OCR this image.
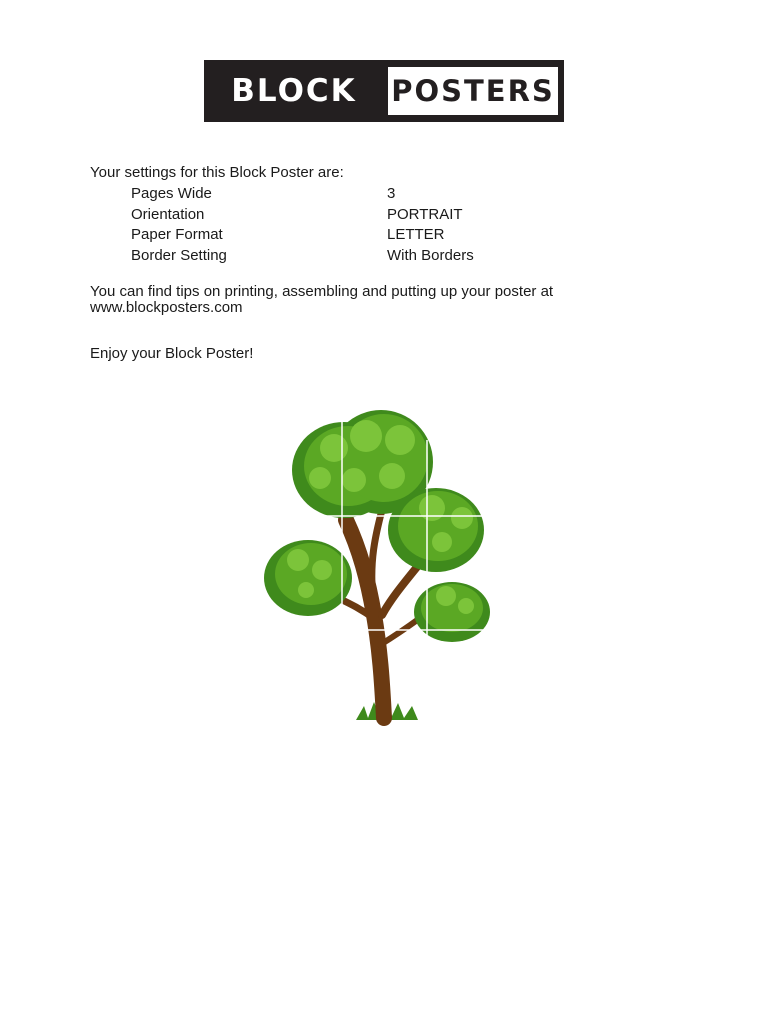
BLOCK	POSTERS
Your settings for this Block Poster are:
Pages Wide	3
Orientation	PORTRAIT
Paper Format	LETTER
Border Setting	With Borders
You can find tips on printing, assembling and putting up your poster at
www.blockposters.com
Enjoy your Block Poster!
